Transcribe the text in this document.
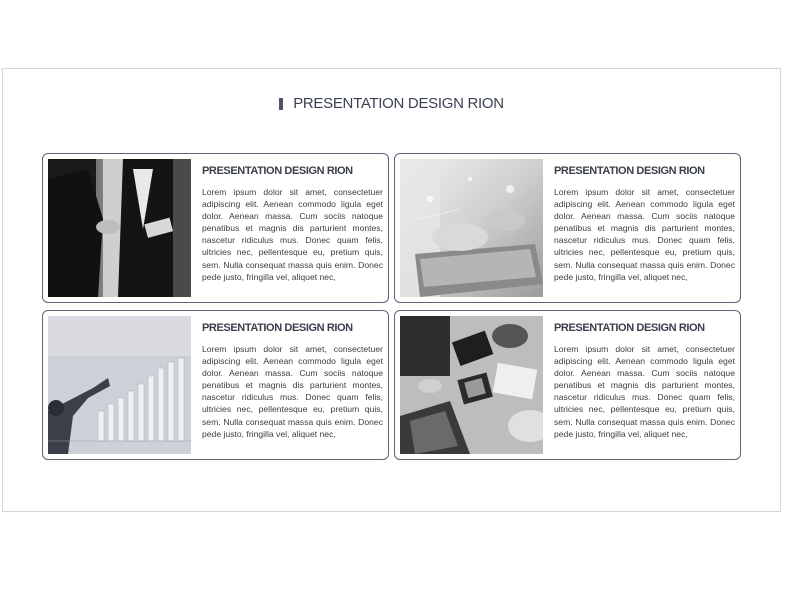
PRESENTATION DESIGN RION
PRESENTATION DESIGN RION
Lorem ipsum dolor sit amet, consectetuer adipiscing elit. Aenean commodo ligula eget dolor. Aenean massa. Cum sociis natoque penatibus et magnis dis parturient montes, nascetur ridiculus mus. Donec quam felis, ultricies nec, pellentesque eu, pretium quis, sem. Nulla consequat massa quis enim. Donec pede justo, fringilla vel, aliquet nec,
PRESENTATION DESIGN RION
Lorem ipsum dolor sit amet, consectetuer adipiscing elit. Aenean commodo ligula eget dolor. Aenean massa. Cum sociis natoque penatibus et magnis dis parturient montes, nascetur ridiculus mus. Donec quam felis, ultricies nec, pellentesque eu, pretium quis, sem. Nulla consequat massa quis enim. Donec pede justo, fringilla vel, aliquet nec,
PRESENTATION DESIGN RION
Lorem ipsum dolor sit amet, consectetuer adipiscing elit. Aenean commodo ligula eget dolor. Aenean massa. Cum sociis natoque penatibus et magnis dis parturient montes, nascetur ridiculus mus. Donec quam felis, ultricies nec, pellentesque eu, pretium quis, sem. Nulla consequat massa quis enim. Donec pede justo, fringilla vel, aliquet nec,
PRESENTATION DESIGN RION
Lorem ipsum dolor sit amet, consectetuer adipiscing elit. Aenean commodo ligula eget dolor. Aenean massa. Cum sociis natoque penatibus et magnis dis parturient montes, nascetur ridiculus mus. Donec quam felis, ultricies nec, pellentesque eu, pretium quis, sem. Nulla consequat massa quis enim. Donec pede justo, fringilla vel, aliquet nec,
